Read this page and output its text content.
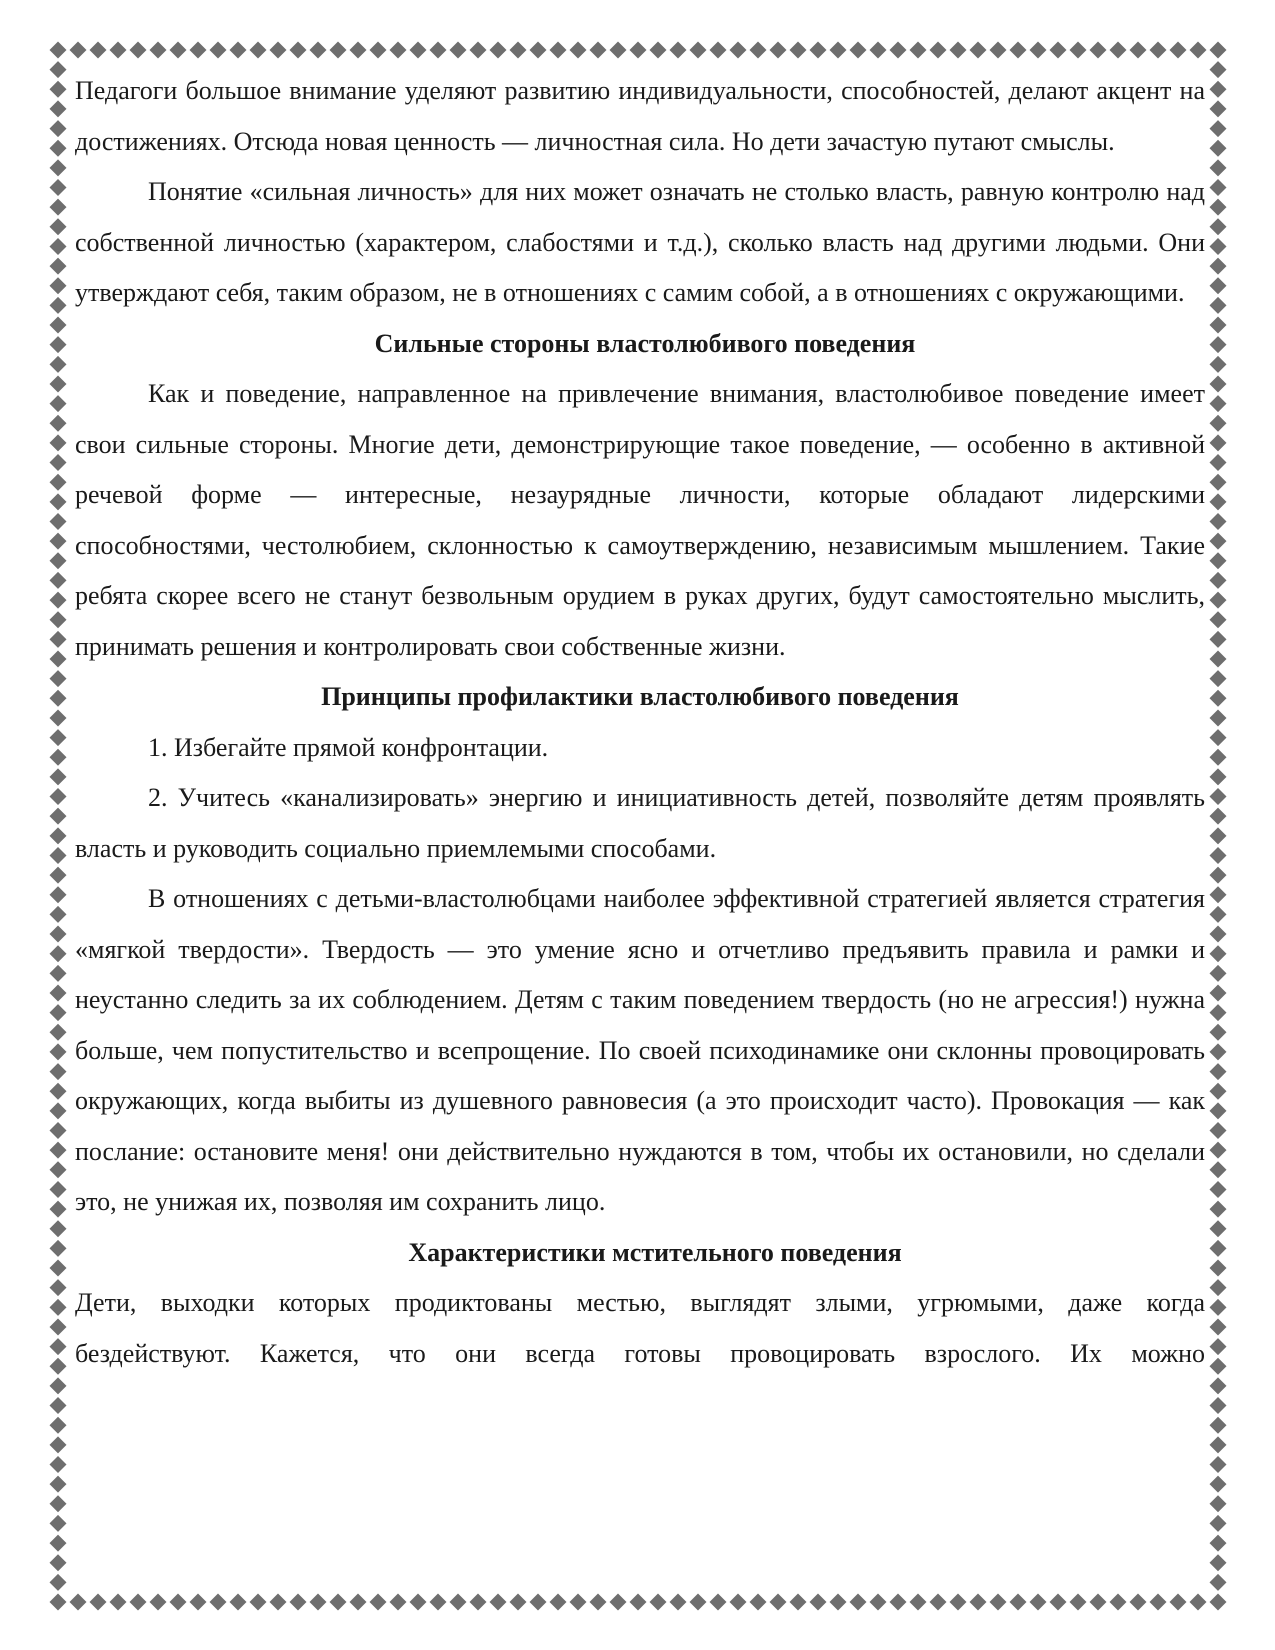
Педагоги большое внимание уделяют развитию индивидуальности, способностей, делают акцент на достижениях. Отсюда новая ценность — личностная сила. Но дети зачастую путают смыслы.

Понятие «сильная личность» для них может означать не столько власть, равную контролю над собственной личностью (характером, слабостями и т.д.), сколько власть над другими людьми. Они утверждают себя, таким образом, не в отношениях с самим собой, а в отношениях с окружающими.

Сильные стороны властолюбивого поведения

Как и поведение, направленное на привлечение внимания, властолюбивое поведение имеет свои сильные стороны. Многие дети, демонстрирующие такое поведение, — особенно в активной речевой форме — интересные, незаурядные личности, которые обладают лидерскими способностями, честолюбием, склонностью к самоутверждению, независимым мышлением. Такие ребята скорее всего не станут безвольным орудием в руках других, будут самостоятельно мыслить, принимать решения и контролировать свои собственные жизни.

Принципы профилактики властолюбивого поведения

1. Избегайте прямой конфронтации.

2. Учитесь «канализировать» энергию и инициативность детей, позволяйте детям проявлять власть и руководить социально приемлемыми способами.

В отношениях с детьми-властолюбцами наиболее эффективной стратегией является стратегия «мягкой твердости». Твердость — это умение ясно и отчетливо предъявить правила и рамки и неустанно следить за их соблюдением. Детям с таким поведением твердость (но не агрессия!) нужна больше, чем попустительство и всепрощение. По своей психодинамике они склонны провоцировать окружающих, когда выбиты из душевного равновесия (а это происходит часто). Провокация — как послание: остановите меня! они действительно нуждаются в том, чтобы их остановили, но сделали это, не унижая их, позволяя им сохранить лицо.

Характеристики мстительного поведения

Дети, выходки которых продиктованы местью, выглядят злыми, угрюмыми, даже когда бездействуют. Кажется, что они всегда готовы провоцировать взрослого. Их можно
